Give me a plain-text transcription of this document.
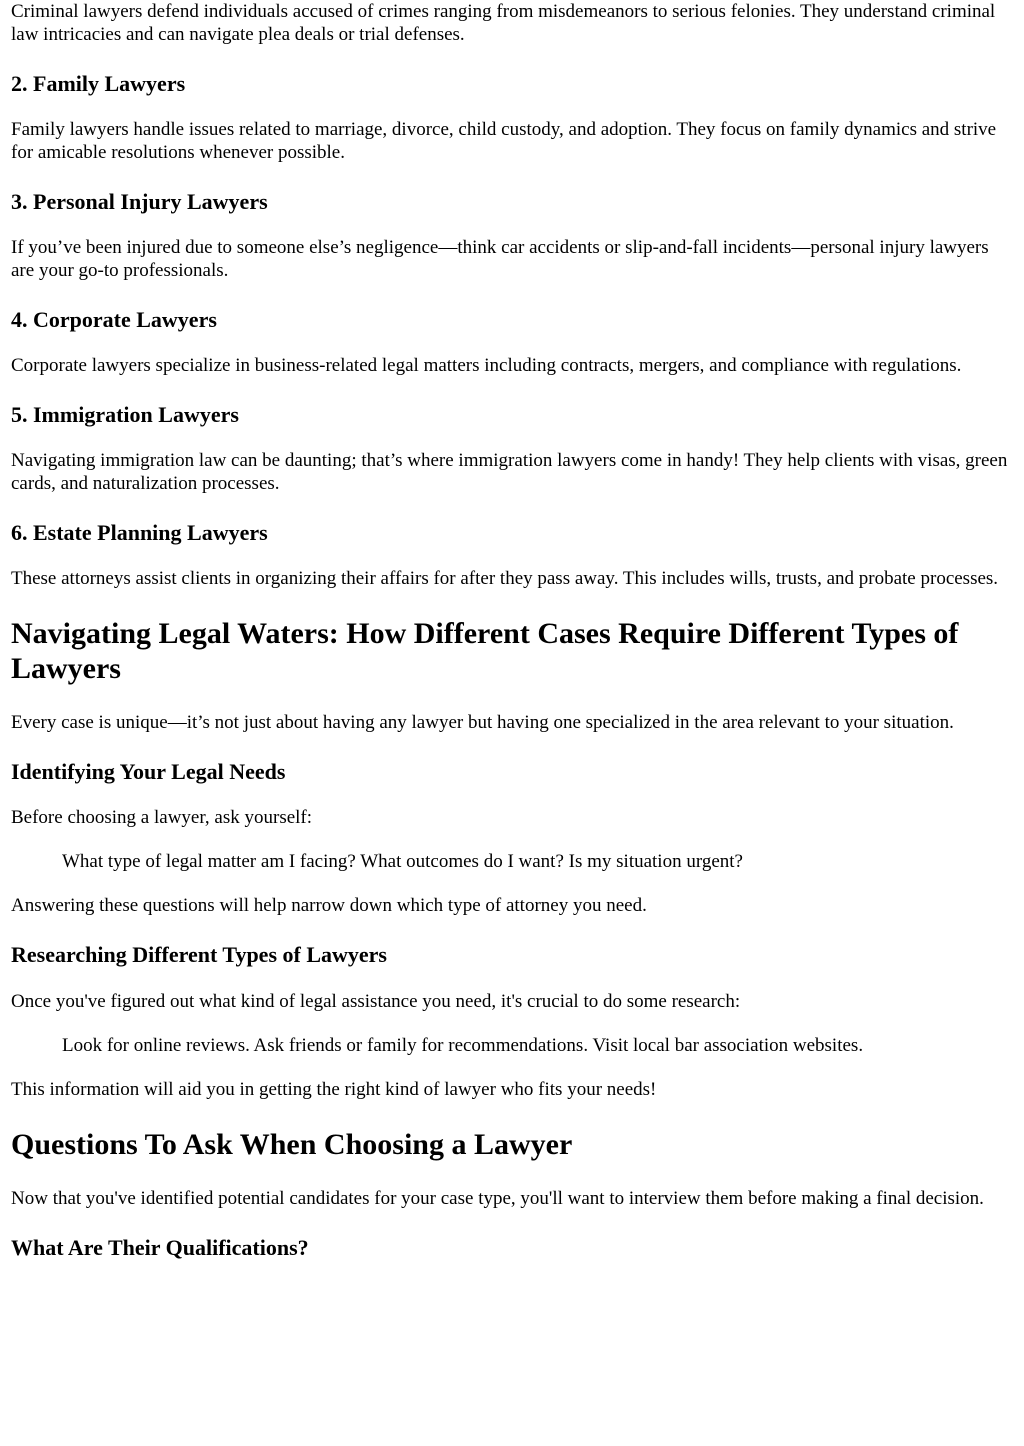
Criminal lawyers defend individuals accused of crimes ranging from misdemeanors to serious felonies. They understand criminal law intricacies and can navigate plea deals or trial defenses.

2. Family Lawyers

Family lawyers handle issues related to marriage, divorce, child custody, and adoption. They focus on family dynamics and strive for amicable resolutions whenever possible.

3. Personal Injury Lawyers

If you’ve been injured due to someone else’s negligence—think car accidents or slip-and-fall incidents—personal injury lawyers are your go-to professionals.

4. Corporate Lawyers

Corporate lawyers specialize in business-related legal matters including contracts, mergers, and compliance with regulations.

5. Immigration Lawyers

Navigating immigration law can be daunting; that’s where immigration lawyers come in handy! They help clients with visas, green cards, and naturalization processes.

6. Estate Planning Lawyers

These attorneys assist clients in organizing their affairs for after they pass away. This includes wills, trusts, and probate processes.

Navigating Legal Waters: How Different Cases Require Different Types of Lawyers

Every case is unique—it’s not just about having any lawyer but having one specialized in the area relevant to your situation.

Identifying Your Legal Needs

Before choosing a lawyer, ask yourself:

What type of legal matter am I facing? What outcomes do I want? Is my situation urgent?

Answering these questions will help narrow down which type of attorney you need.

Researching Different Types of Lawyers

Once you've figured out what kind of legal assistance you need, it's crucial to do some research:

Look for online reviews. Ask friends or family for recommendations. Visit local bar association websites.

This information will aid you in getting the right kind of lawyer who fits your needs!

Questions To Ask When Choosing a Lawyer

Now that you've identified potential candidates for your case type, you'll want to interview them before making a final decision.

What Are Their Qualifications?
